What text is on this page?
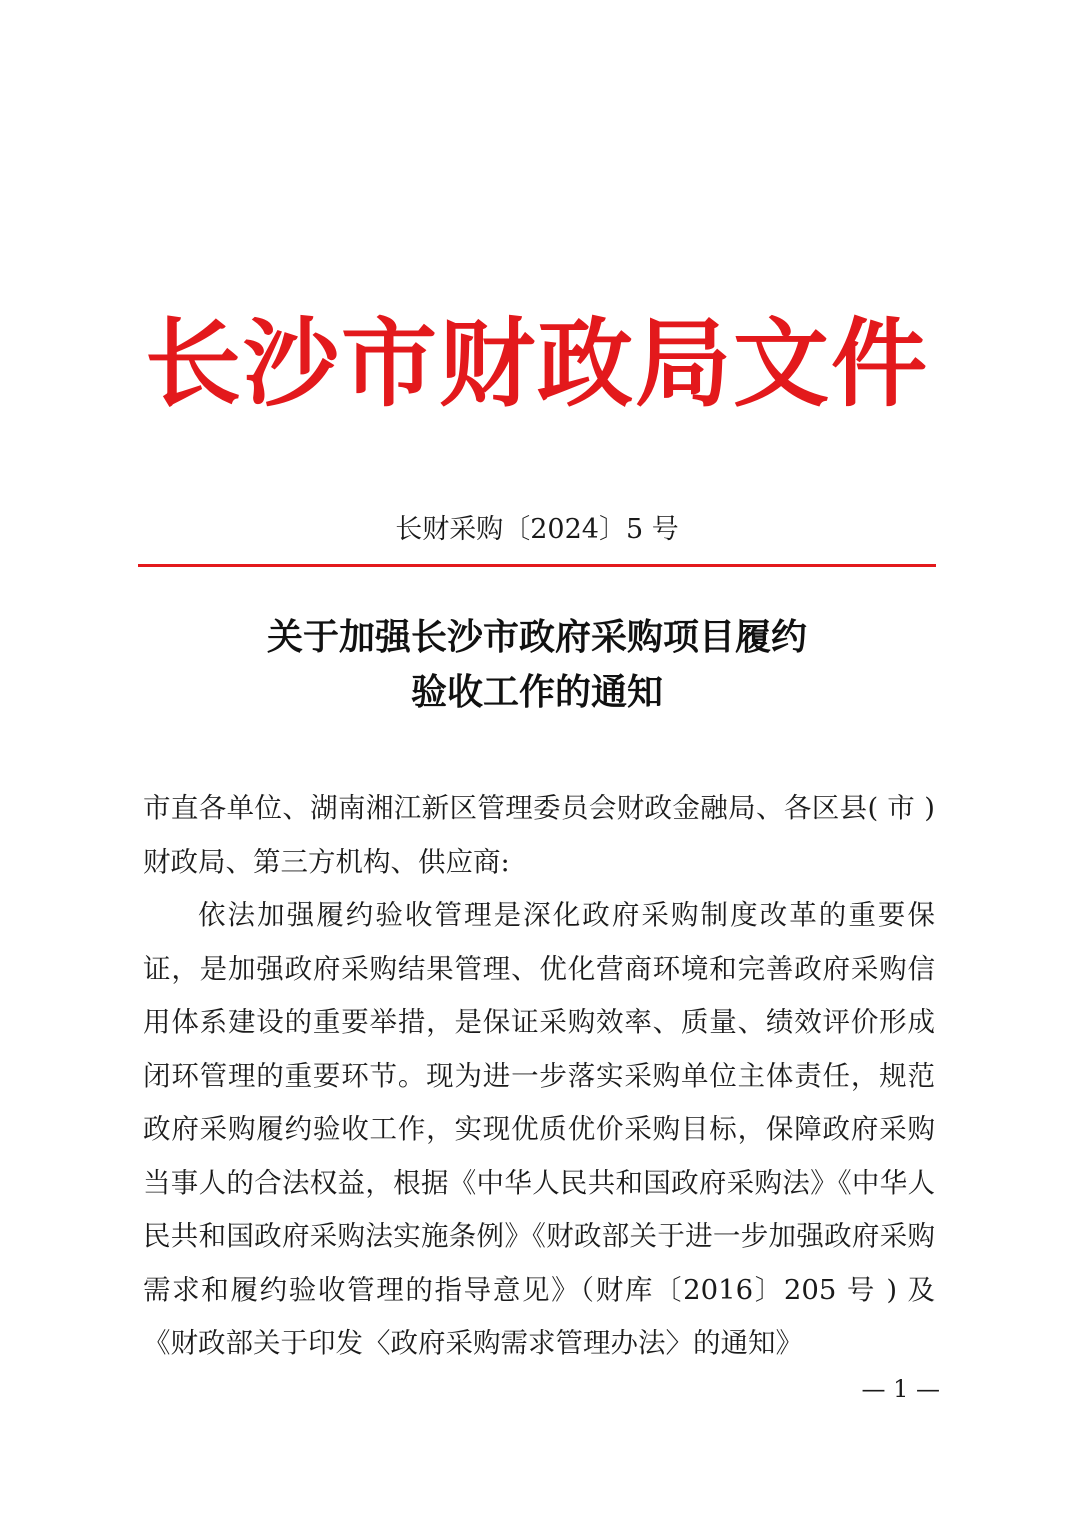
长沙市财政局文件
长财采购〔2024〕5 号
关于加强长沙市政府采购项目履约
验收工作的通知

市直各单位、湖南湘江新区管理委员会财政金融局、各区县( 市 )财政局、第三方机构、供应商:

依法加强履约验收管理是深化政府采购制度改革的重要保证，是加强政府采购结果管理、优化营商环境和完善政府采购信用体系建设的重要举措，是保证采购效率、质量、绩效评价形成闭环管理的重要环节。现为进一步落实采购单位主体责任，规范政府采购履约验收工作，实现优质优价采购目标，保障政府采购当事人的合法权益，根据《中华人民共和国政府采购法》《中华人民共和国政府采购法实施条例》《财政部关于进一步加强政府采购需求和履约验收管理的指导意见》（财库〔2016〕205 号 ) 及《财政部关于印发〈政府采购需求管理办法〉的通知》

— 1 —
